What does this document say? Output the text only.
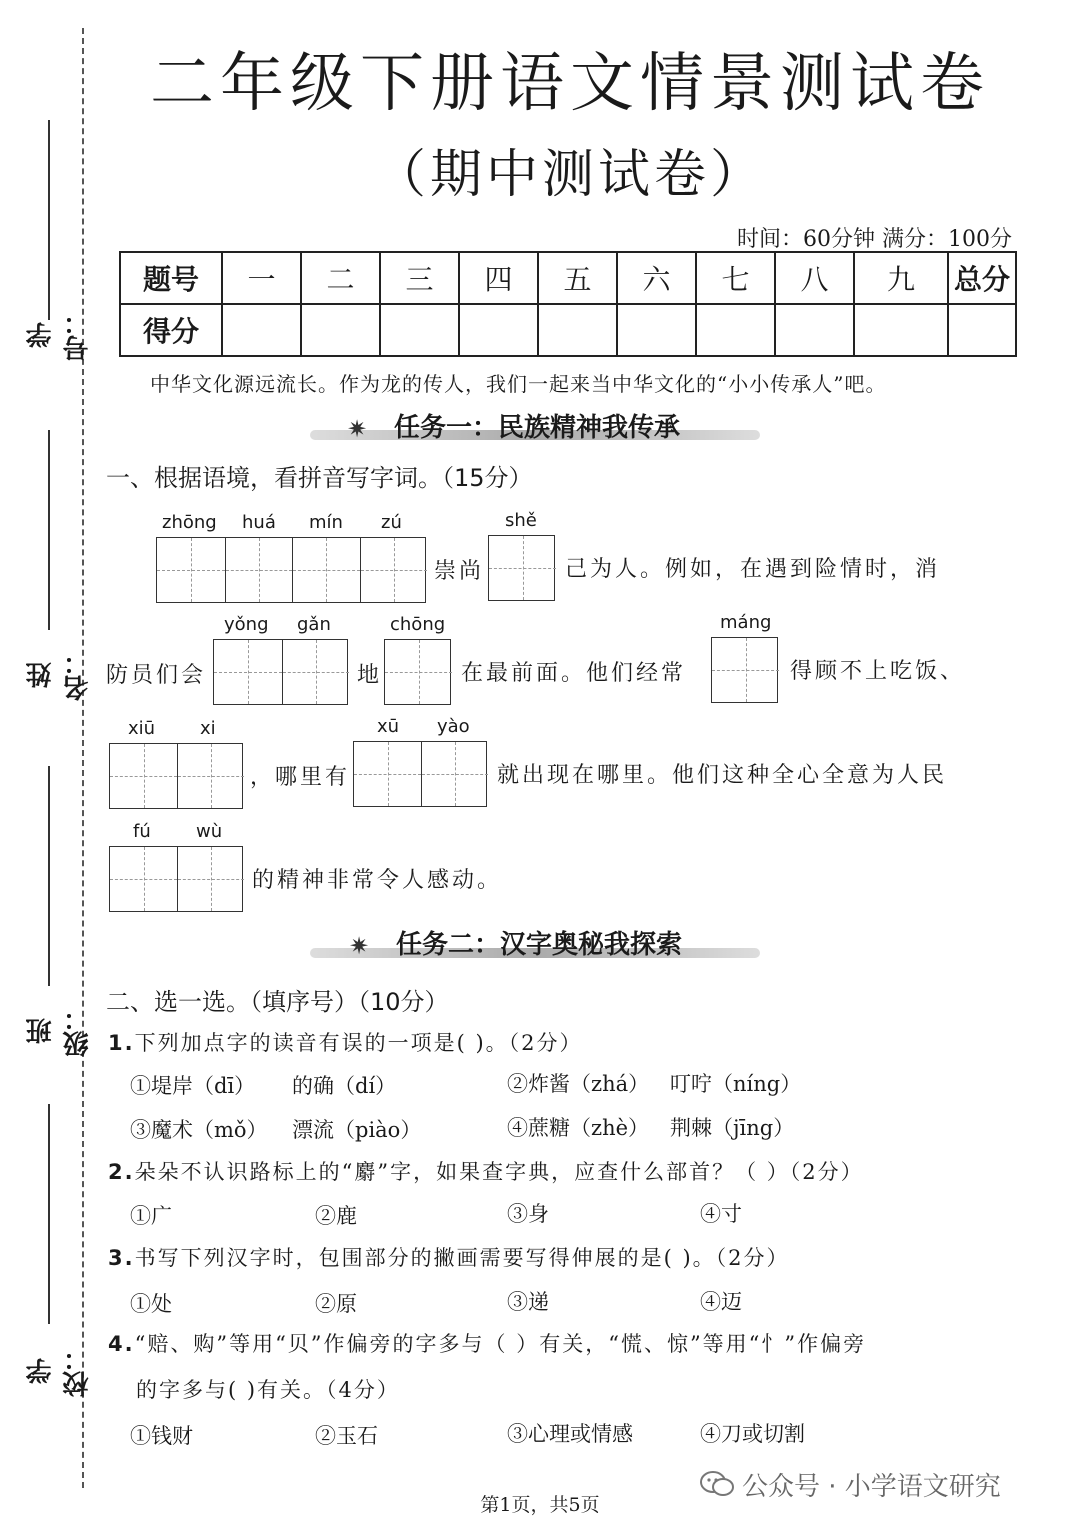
学号：
姓名：
班级：
学校：
二年级下册语文情景测试卷
（期中测试卷）
时间：60分钟 满分：100分
题号	一	二	三	四	五	六	七	八	九	总分
得分										
中华文化源远流长。作为龙的传人，我们一起来当中华文化的“小小传承人”吧。
✷ 任务一：民族精神我传承
一、根据语境，看拼音写字词。（15分）
zhōng huá mín zú
崇尚
shě
己为人。例如，在遇到险情时，消
防员们会
yǒng gǎn
地
chōng
在最前面。他们经常
máng
得顾不上吃饭、
xiū xi
，哪里有
xū yào
就出现在哪里。他们这种全心全意为人民
fú	wù
的精神非常令人感动。
✷ 任务二：汉字奥秘我探索
二、选一选。（填序号）（10分）
1.下列加点字的读音有误的一项是( )。（2分）
①堤岸（dī） 的确（dí）	②炸酱（zhá） 叮咛（níng）
③魔术（mǒ） 漂流（piào）	④蔗糖（zhè） 荆棘（jīng）
2.朵朵不认识路标上的“麝”字，如果查字典，应查什么部首？（ ）（2分）
①广	②鹿	③身	④寸
3.书写下列汉字时，包围部分的撇画需要写得伸展的是( )。（2分）
①处	②原	③递	④迈
4.“赔、购”等用“贝”作偏旁的字多与（ ）有关，“慌、惊”等用“忄”作偏旁
的字多与( )有关。（4分）
①钱财	②玉石	③心理或情感	④刀或切割
公众号 · 小学语文研究
第1页，共5页
